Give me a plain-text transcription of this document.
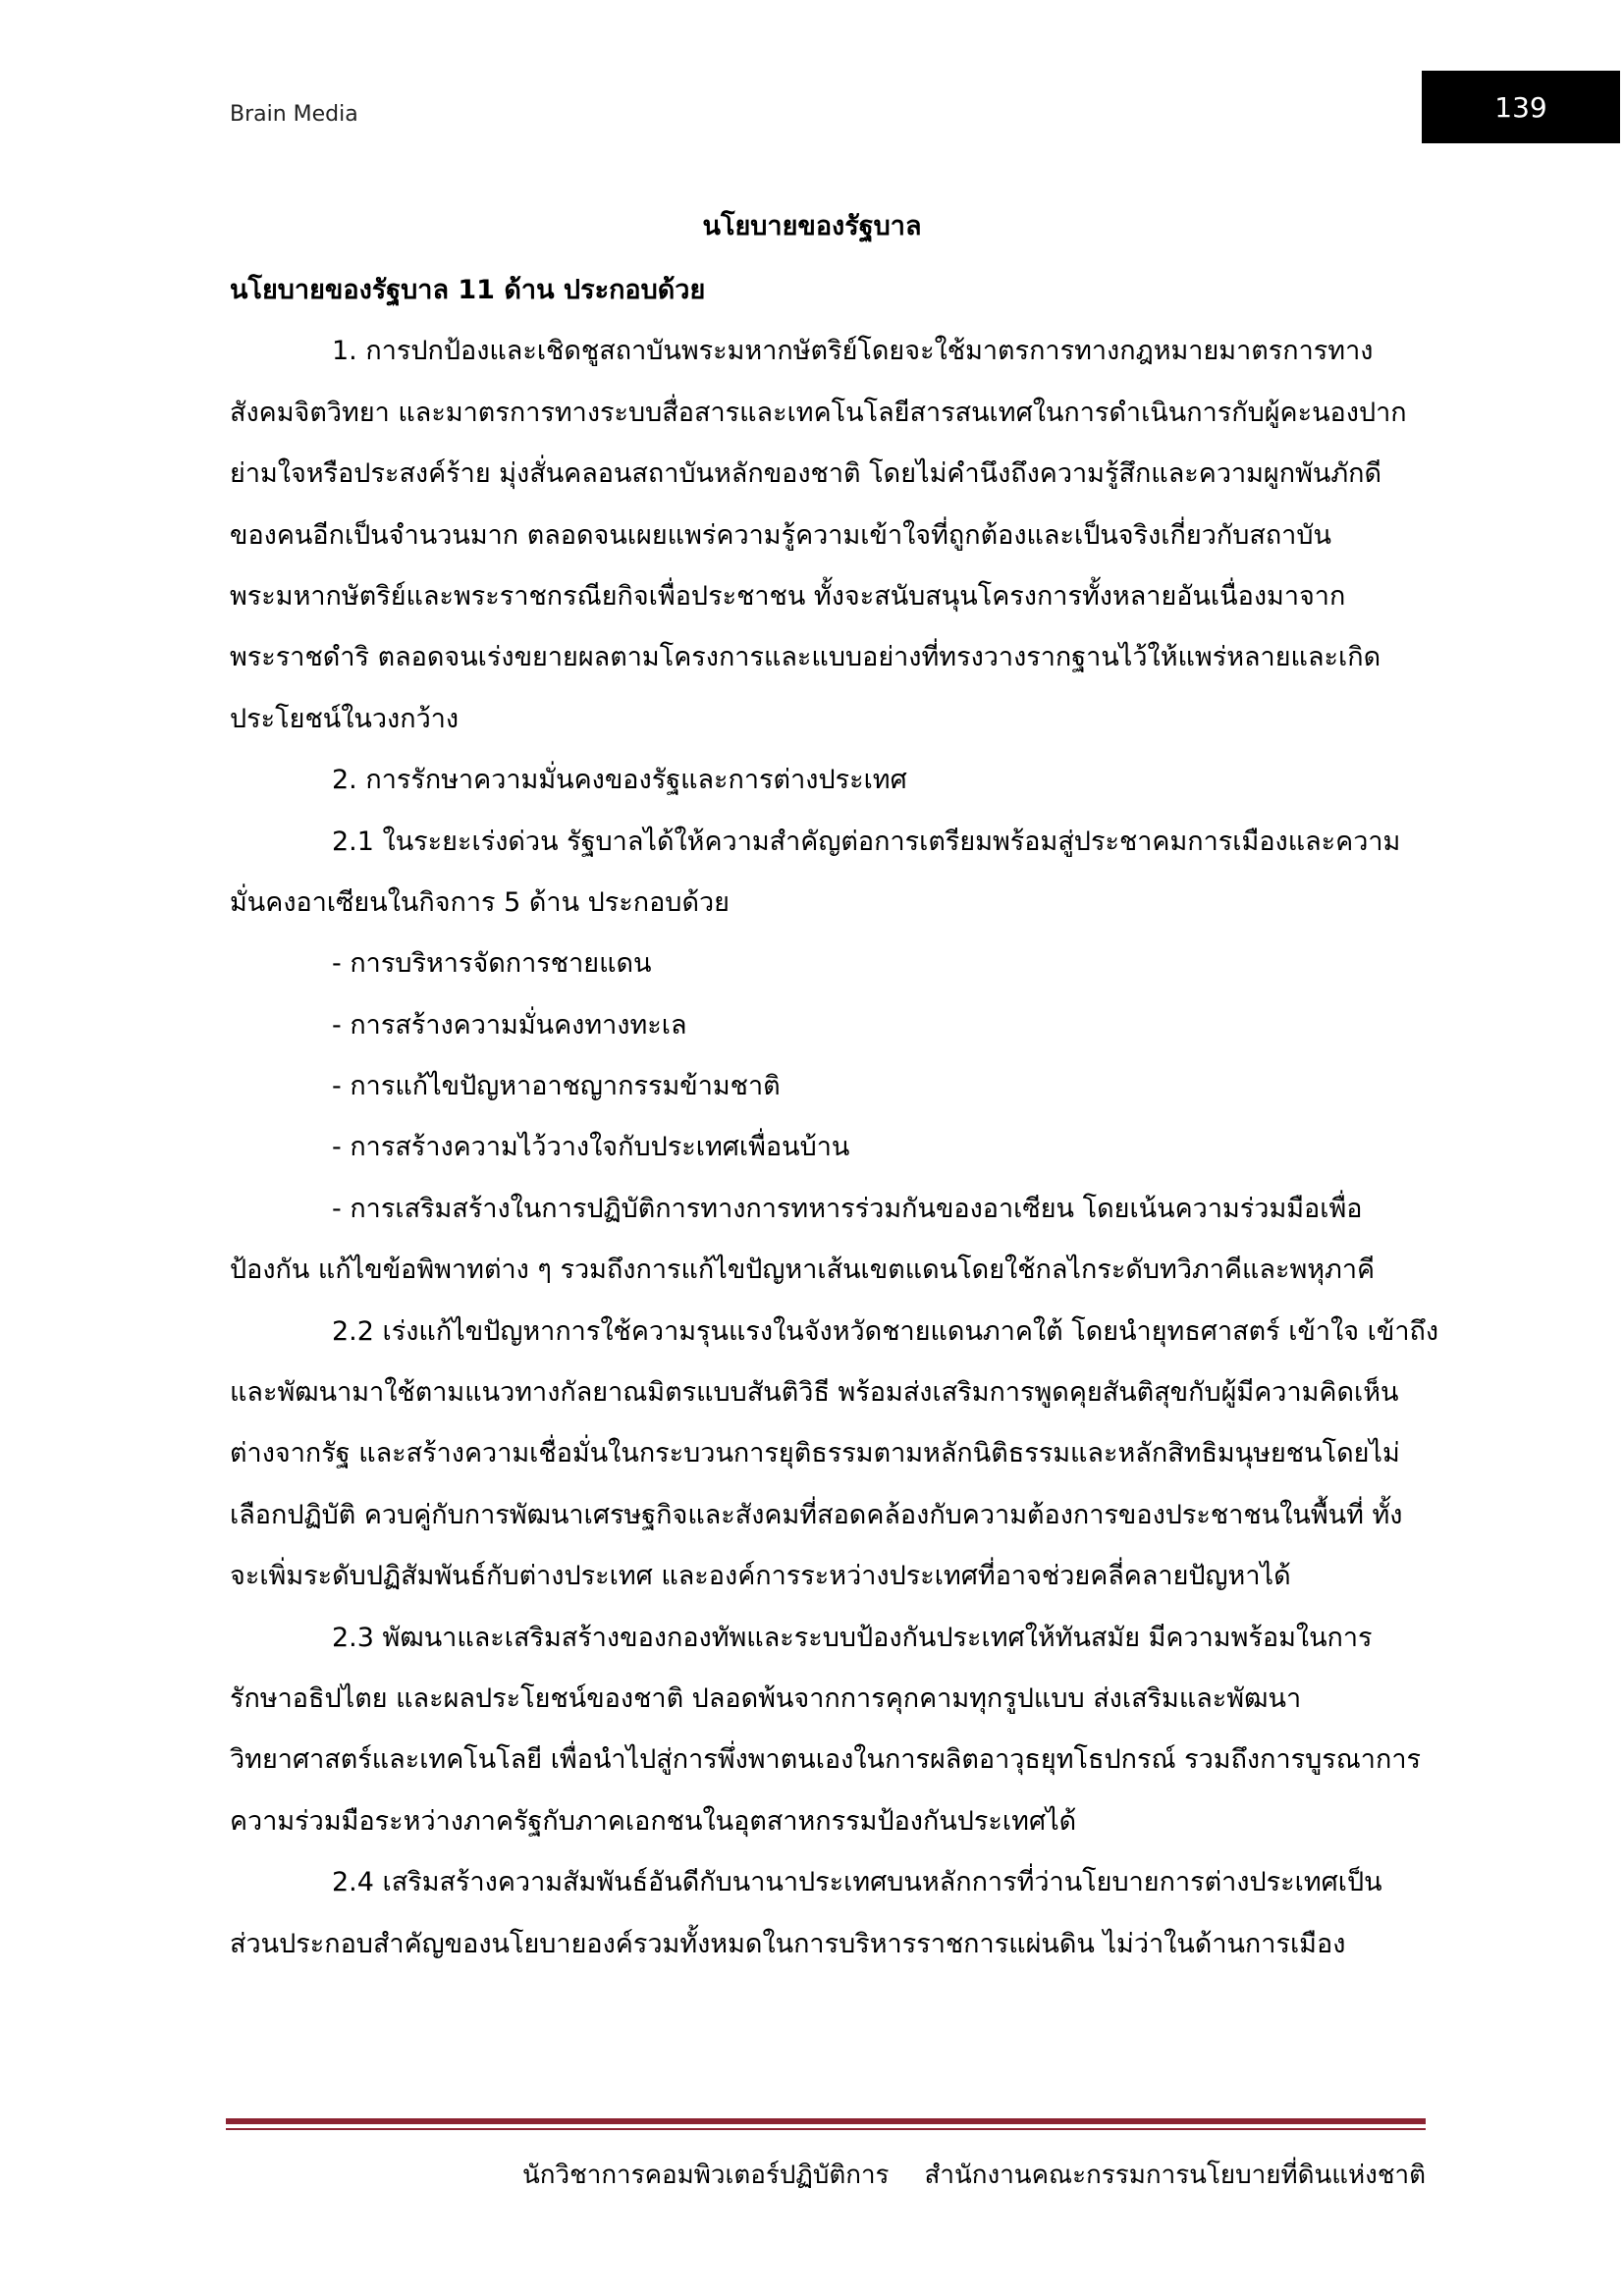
Brain Media	139
นโยบายของรัฐบาล
นโยบายของรัฐบาล 11 ด้าน ประกอบด้วย
1. การปกป้องและเชิดชูสถาบันพระมหากษัตริย์โดยจะใช้มาตรการทางกฎหมายมาตรการทาง
สังคมจิตวิทยา และมาตรการทางระบบสื่อสารและเทคโนโลยีสารสนเทศในการดำเนินการกับผู้คะนองปาก
ย่ามใจหรือประสงค์ร้าย มุ่งสั่นคลอนสถาบันหลักของชาติ โดยไม่คำนึงถึงความรู้สึกและความผูกพันภักดี
ของคนอีกเป็นจำนวนมาก ตลอดจนเผยแพร่ความรู้ความเข้าใจที่ถูกต้องและเป็นจริงเกี่ยวกับสถาบัน
พระมหากษัตริย์และพระราชกรณียกิจเพื่อประชาชน ทั้งจะสนับสนุนโครงการทั้งหลายอันเนื่องมาจาก
พระราชดำริ ตลอดจนเร่งขยายผลตามโครงการและแบบอย่างที่ทรงวางรากฐานไว้ให้แพร่หลายและเกิด
ประโยชน์ในวงกว้าง
2. การรักษาความมั่นคงของรัฐและการต่างประเทศ
2.1 ในระยะเร่งด่วน รัฐบาลได้ให้ความสำคัญต่อการเตรียมพร้อมสู่ประชาคมการเมืองและความ
มั่นคงอาเซียนในกิจการ 5 ด้าน ประกอบด้วย
- การบริหารจัดการชายแดน
- การสร้างความมั่นคงทางทะเล
- การแก้ไขปัญหาอาชญากรรมข้ามชาติ
- การสร้างความไว้วางใจกับประเทศเพื่อนบ้าน
- การเสริมสร้างในการปฏิบัติการทางการทหารร่วมกันของอาเซียน โดยเน้นความร่วมมือเพื่อ
ป้องกัน แก้ไขข้อพิพาทต่าง ๆ รวมถึงการแก้ไขปัญหาเส้นเขตแดนโดยใช้กลไกระดับทวิภาคีและพหุภาคี
2.2 เร่งแก้ไขปัญหาการใช้ความรุนแรงในจังหวัดชายแดนภาคใต้ โดยนำยุทธศาสตร์ เข้าใจ เข้าถึง
และพัฒนามาใช้ตามแนวทางกัลยาณมิตรแบบสันติวิธี พร้อมส่งเสริมการพูดคุยสันติสุขกับผู้มีความคิดเห็น
ต่างจากรัฐ และสร้างความเชื่อมั่นในกระบวนการยุติธรรมตามหลักนิติธรรมและหลักสิทธิมนุษยชนโดยไม่
เลือกปฏิบัติ ควบคู่กับการพัฒนาเศรษฐกิจและสังคมที่สอดคล้องกับความต้องการของประชาชนในพื้นที่ ทั้ง
จะเพิ่มระดับปฏิสัมพันธ์กับต่างประเทศ และองค์การระหว่างประเทศที่อาจช่วยคลี่คลายปัญหาได้
2.3 พัฒนาและเสริมสร้างของกองทัพและระบบป้องกันประเทศให้ทันสมัย มีความพร้อมในการ
รักษาอธิปไตย และผลประโยชน์ของชาติ ปลอดพ้นจากการคุกคามทุกรูปแบบ ส่งเสริมและพัฒนา
วิทยาศาสตร์และเทคโนโลยี เพื่อนำไปสู่การพึ่งพาตนเองในการผลิตอาวุธยุทโธปกรณ์ รวมถึงการบูรณาการ
ความร่วมมือระหว่างภาครัฐกับภาคเอกชนในอุตสาหกรรมป้องกันประเทศได้
2.4 เสริมสร้างความสัมพันธ์อันดีกับนานาประเทศบนหลักการที่ว่านโยบายการต่างประเทศเป็น
ส่วนประกอบสำคัญของนโยบายองค์รวมทั้งหมดในการบริหารราชการแผ่นดิน ไม่ว่าในด้านการเมือง
นักวิชาการคอมพิวเตอร์ปฏิบัติการ สำนักงานคณะกรรมการนโยบายที่ดินแห่งชาติ
